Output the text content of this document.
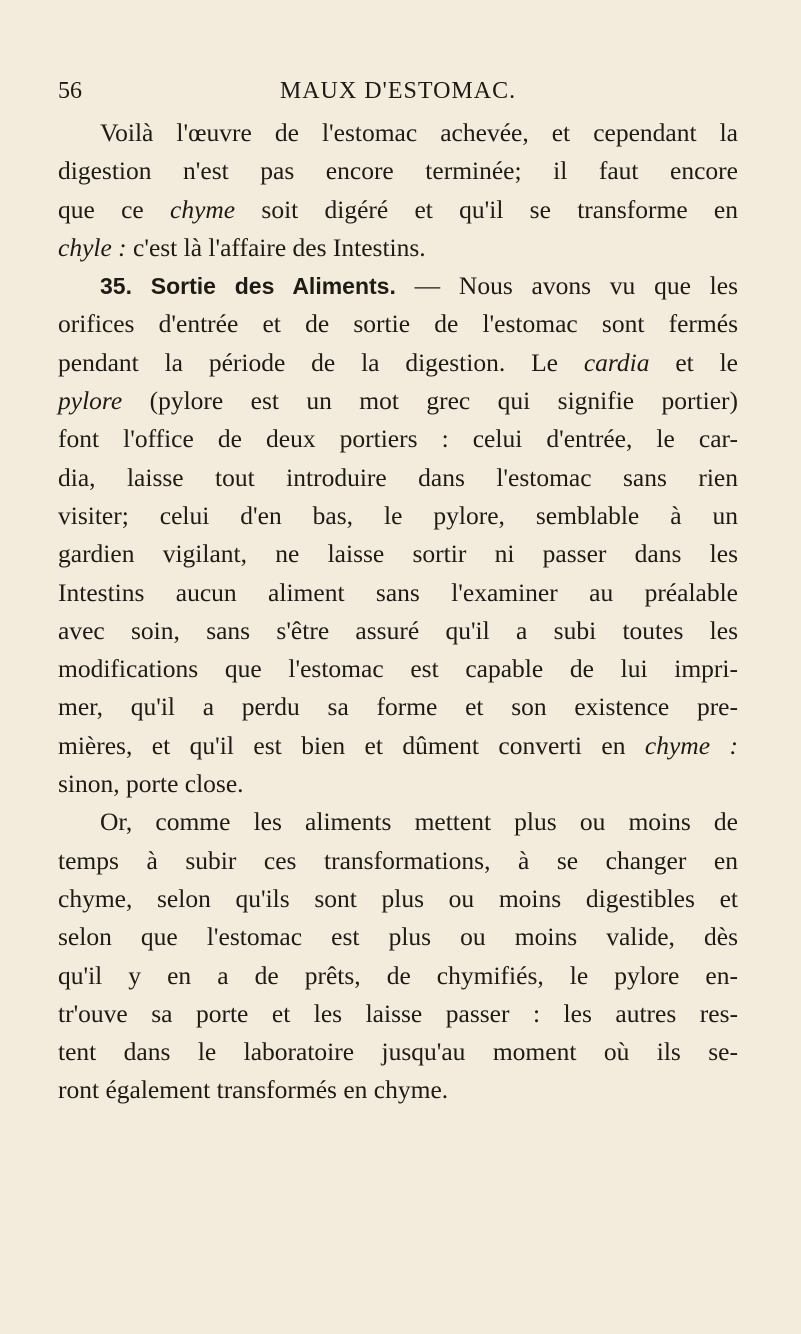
56	MAUX D'ESTOMAC.
Voilà l'œuvre de l'estomac achevée, et cependant la
digestion n'est pas encore terminée; il faut encore
que ce chyme soit digéré et qu'il se transforme en
chyle : c'est là l'affaire des Intestins.
35. Sortie des Aliments. — Nous avons vu que les
orifices d'entrée et de sortie de l'estomac sont fermés
pendant la période de la digestion. Le cardia et le
pylore (pylore est un mot grec qui signifie portier)
font l'office de deux portiers : celui d'entrée, le car-
dia, laisse tout introduire dans l'estomac sans rien
visiter; celui d'en bas, le pylore, semblable à un
gardien vigilant, ne laisse sortir ni passer dans les
Intestins aucun aliment sans l'examiner au préalable
avec soin, sans s'être assuré qu'il a subi toutes les
modifications que l'estomac est capable de lui impri-
mer, qu'il a perdu sa forme et son existence pre-
mières, et qu'il est bien et dûment converti en chyme :
sinon, porte close.
Or, comme les aliments mettent plus ou moins de
temps à subir ces transformations, à se changer en
chyme, selon qu'ils sont plus ou moins digestibles et
selon que l'estomac est plus ou moins valide, dès
qu'il y en a de prêts, de chymifiés, le pylore en-
tr'ouve sa porte et les laisse passer : les autres res-
tent dans le laboratoire jusqu'au moment où ils se-
ront également transformés en chyme.
